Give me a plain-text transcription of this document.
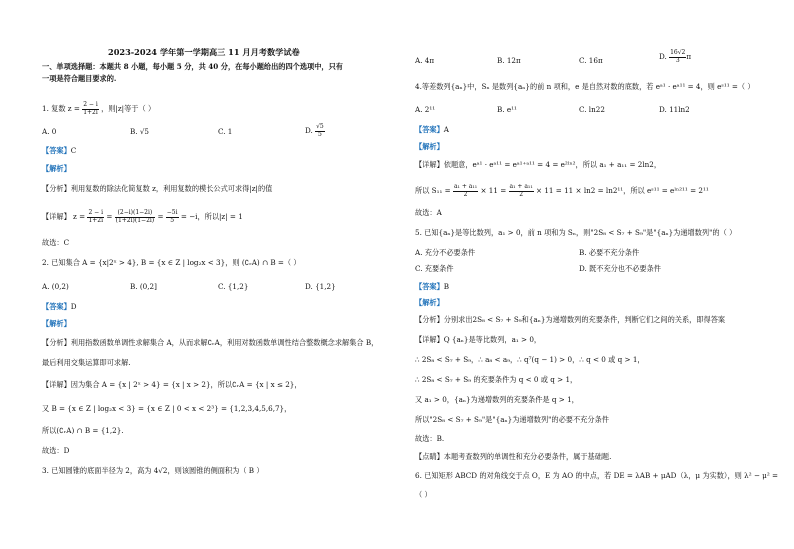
2023-2024 学年第一学期高三 11 月月考数学试卷
一、单项选择题：本题共 8 小题，每小题 5 分，共 40 分，在每小题给出的四个选项中，只有
一项是符合题目要求的.
1. 复数 $z = \frac{2 - i}{1+2i}$ ，则|z|等于（ ）
A. 0	B. √5	C. 1	D. $\frac{√5}{5}$
【答案】C
【解析】
【分析】利用复数的除法化简复数 z，利用复数的模长公式可求得|z|的值
【详解】 $z = \frac{2 - i}{1+2i} = \frac{(2-i)(1-2i)}{(1+2i)(1-2i)} = \frac{-5i}{5} = -i$，所以|z| = 1
故选：C
2. 已知集合 A = {x|2ˣ > 4}, B = {x ∈ Z | log₂x < 3}，则 (∁ᵣA) ∩ B =（ ）
A. (0,2)	B. (0,2]	C. {1,2}	D. {1,2}
【答案】D
【解析】
【分析】利用指数函数单调性求解集合 A，从而求解∁ᵣA，利用对数函数单调性结合整数概念求解集合 B，
最后利用交集运算即可求解.
【详解】因为集合 A = {x | 2ˣ > 4} = {x | x > 2}，所以∁ᵣA = {x | x ≤ 2}，
又 B = {x ∈ Z | log₂x < 3} = {x ∈ Z | 0 < x < 2³} = {1,2,3,4,5,6,7}，
所以(∁ᵣA) ∩ B = {1,2}.
故选：D
3. 已知圆锥的底面半径为 2，高为 4√2，则该圆锥的侧面积为（ B ）
A. 4π	B. 12π	C. 16π	D. $\frac{16√2}{3}$ π
4.等差数列{aₙ}中，Sₙ 是数列{aₙ}的前 n 项和，e 是自然对数的底数，若 eᵃ¹ · eᵃ¹¹ = 4，则 eˢ¹¹ =（ ）
A. 2¹¹	B. e¹¹	C. ln22	D. 11ln2
【答案】A
【解析】
【详解】依题意，eᵃ¹ · eᵃ¹¹ = eᵃ¹⁺ᵃ¹¹ = 4 = e²ˡⁿ²，所以 a₁ + a₁₁ = 2ln2，
所以 $S_{11} = \frac{\text{a₁ + a₁₁}}{2} \times 11 = \frac{\text{a₁ + a₁₁}}{2} \times 11 = 11 \times \ln 2 = \ln 2^{11}$，所以 eˢ¹¹ = eˡⁿ²¹¹ = 2¹¹
故选：A
5. 已知{aₙ}是等比数列，a₁ > 0，前 n 项和为 Sₙ，则"2S₈ < S₇ + S₉"是"{aₙ}为递增数列"的（ ）
A. 充分不必要条件	B. 必要不充分条件
C. 充要条件	D. 既不充分也不必要条件
【答案】B
【解析】
【分析】分别求出2S₈ < S₇ + S₉和{aₙ}为递增数列的充要条件，判断它们之间的关系，即得答案
【详解】Q {aₙ}是等比数列，a₁ > 0，
∴ 2S₈ < S₇ + S₉，∴ a₈ < a₉，∴ q⁷(q − 1) > 0，∴ q < 0 或 q > 1，
∴ 2S₈ < S₇ + S₉ 的充要条件为 q < 0 或 q > 1，
又 a₁ > 0，{aₙ}为递增数列的充要条件是 q > 1，
所以"2S₈ < S₇ + S₉"是"{aₙ}为递增数列"的必要不充分条件
故选：B.
【点睛】本题考查数列的单调性和充分必要条件，属于基础题.
6. 已知矩形 ABCD 的对角线交于点 O，E 为 AO 的中点，若 DE = λAB + μAD（λ，μ 为实数），则 λ² − μ² =
（ ）
